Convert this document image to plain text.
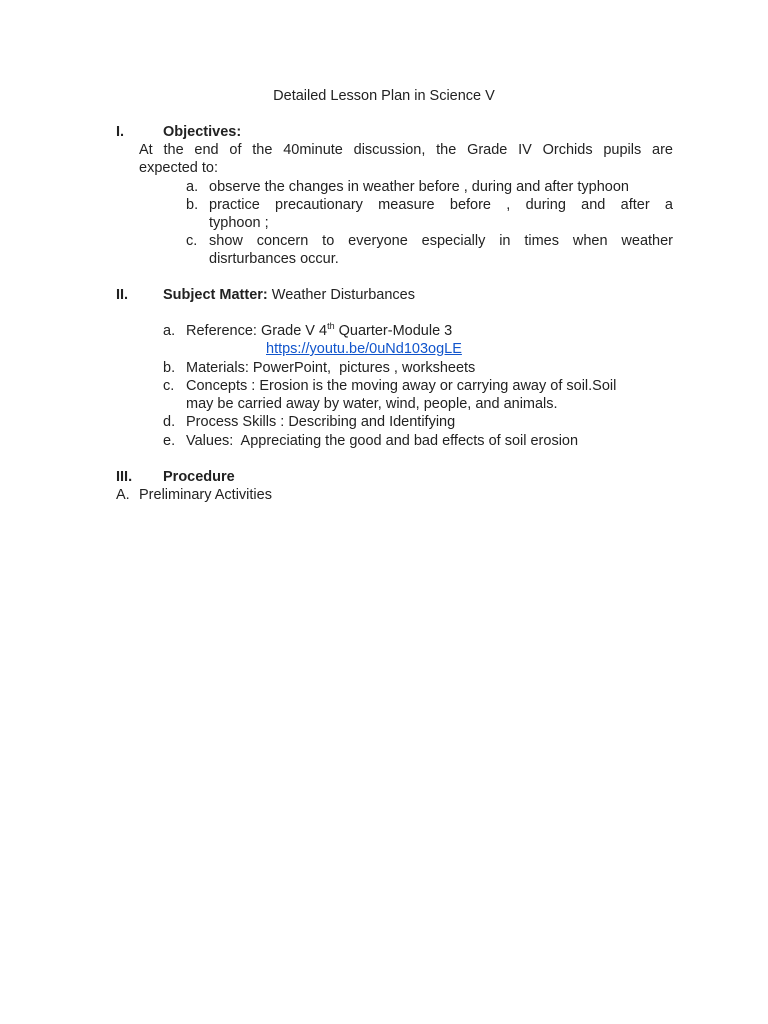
Detailed Lesson Plan in Science V
I.	Objectives:
At the end of the 40minute discussion, the Grade IV Orchids pupils are
expected to:
a. observe the changes in weather before , during and after typhoon
b. practice precautionary measure before , during and after a
typhoon ;
c. show concern to everyone especially in times when weather
disrturbances occur.
II. Subject Matter: Weather Disturbances
a. Reference: Grade V 4th Quarter-Module 3
https://youtu.be/0uNd103ogLE
b. Materials: PowerPoint,  pictures , worksheets
c. Concepts : Erosion is the moving away or carrying away of soil.Soil
may be carried away by water, wind, people, and animals.
d. Process Skills : Describing and Identifying
e. Values:  Appreciating the good and bad effects of soil erosion
III. Procedure
A. Preliminary Activities
